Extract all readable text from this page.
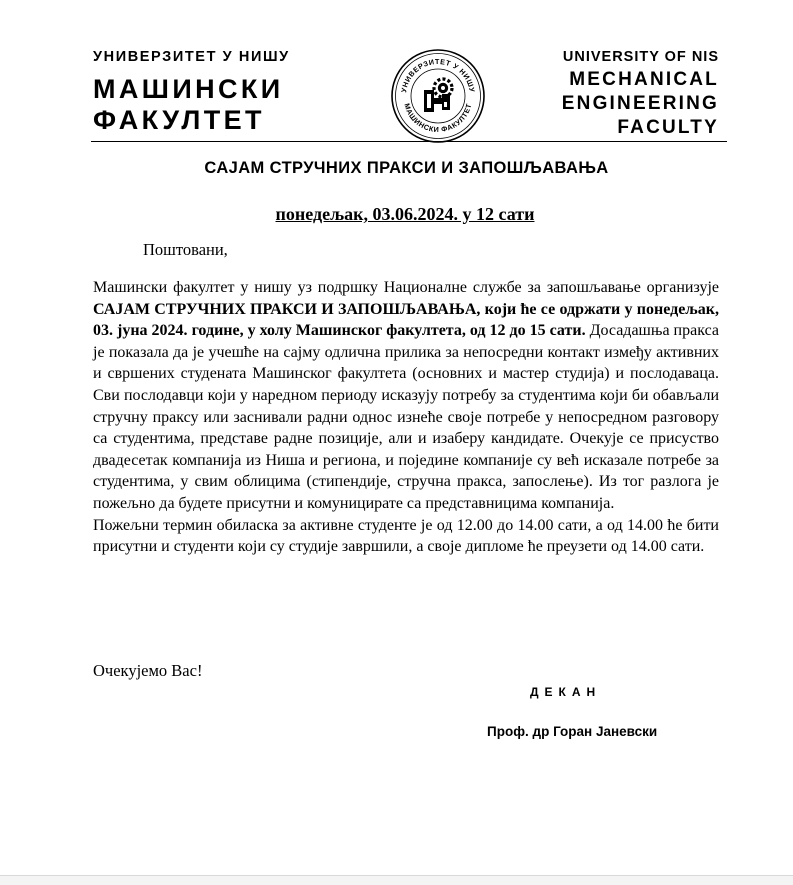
УНИВЕРЗИТЕТ У НИШУ
МАШИНСКИ
ФАКУЛТЕТ
УНИВЕРЗИТЕТ У НИШУ
МАШИНСКИ ФАКУЛТЕТ
UNIVERSITY OF NIS
MECHANICAL
ENGINEERING
FACULTY
САЈАМ СТРУЧНИХ ПРАКСИ И ЗАПОШЉАВАЊА
понедељак, 03.06.2024. у 12 сати
Поштовани,

Машински факултет у нишу уз подршку Националне службе за запошљавање организује САЈАМ СТРУЧНИХ ПРАКСИ И ЗАПОШЉАВАЊА, који ће се одржати у понедељак, 03. јуна 2024. године, у холу Машинског факултета, од 12 до 15 сати. Досадашња пракса је показала да је учешће на сајму одлична прилика за непосредни контакт између активних и свршених студената Машинског факултета (основних и мастер студија) и послодаваца. Сви послодавци који у наредном периоду исказују потребу за студентима који би обављали стручну праксу или заснивали радни однос изнеће своје потребе у непосредном разговору са студентима, представе радне позиције, али и изаберу кандидате. Очекује се присуство двадесетак компанија из Ниша и региона, и поједине компаније су већ исказале потребе за студентима, у свим облицима (стипендије, стручна пракса, запослење). Из тог разлога је пожељно да будете присутни и комуницирате са представницима компанија.

Пожељни термин обиласка за активне студенте је од 12.00 до 14.00 сати, а од 14.00 ће бити присутни и студенти који су студије завршили, а своје дипломе ће преузети од 14.00 сати.

Очекујемо Вас!
ДЕКАН
Проф. др Горан Јаневски
